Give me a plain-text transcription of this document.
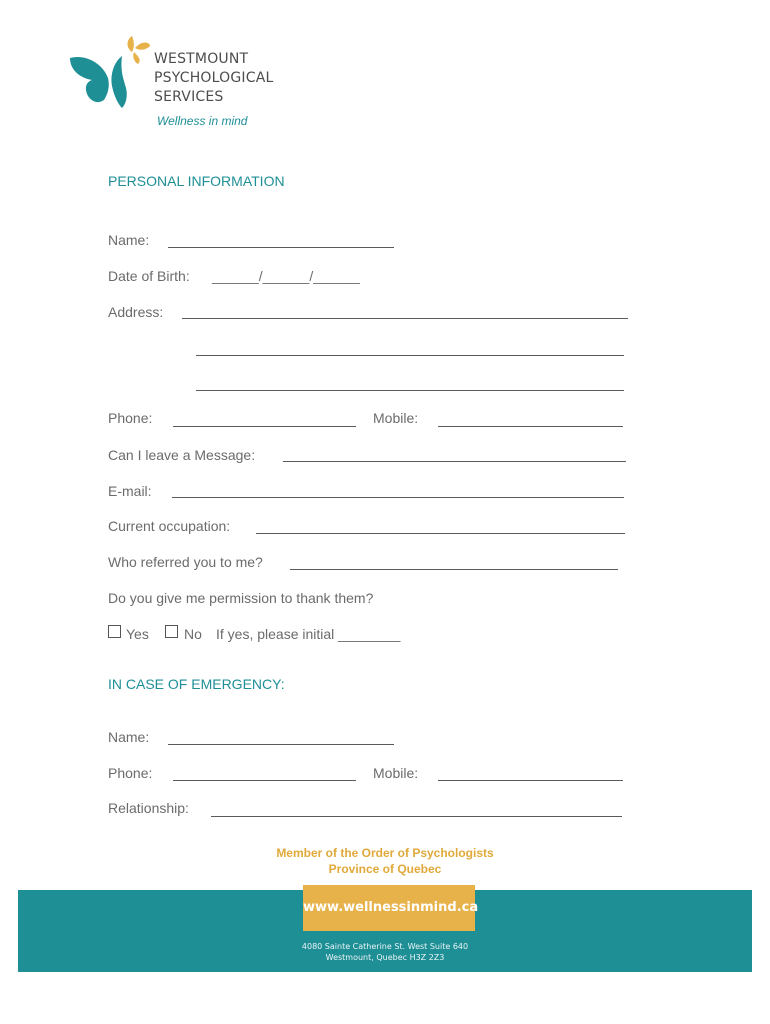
WESTMOUNT
PSYCHOLOGICAL
SERVICES
Wellness in mind
PERSONAL INFORMATION
Name:
Date of Birth: ______/______/______
Address:
Phone:	Mobile:
Can I leave a Message:
E-mail:
Current occupation:
Who referred you to me?
Do you give me permission to thank them?
Yes	No If yes, please initial ________
IN CASE OF EMERGENCY:
Name:
Phone:	Mobile:
Relationship:
Member of the Order of Psychologists
Province of Quebec
www.wellnessinmind.ca
4080 Sainte Catherine St. West Suite 640
Westmount, Quebec H3Z 2Z3
